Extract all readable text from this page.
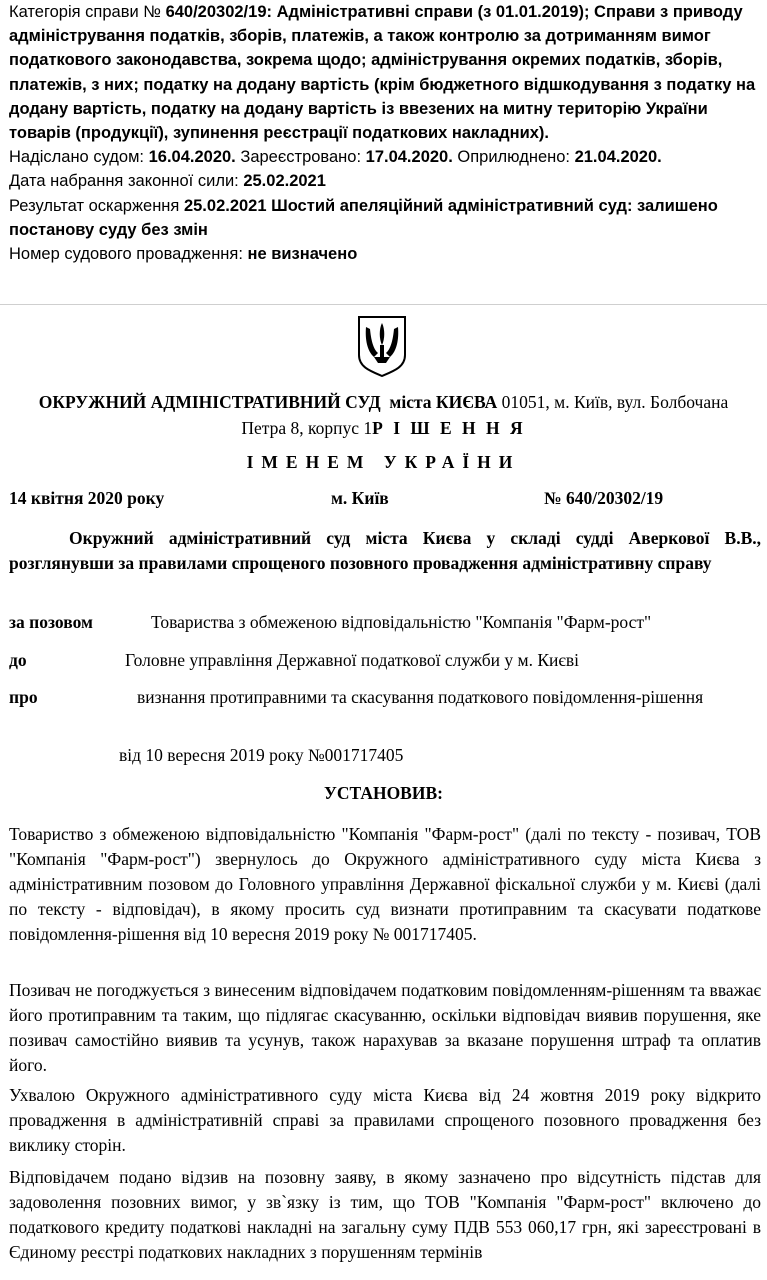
Категорія справи № 640/20302/19: Адміністративні справи (з 01.01.2019); Справи з приводу адміністрування податків, зборів, платежів, а також контролю за дотриманням вимог податкового законодавства, зокрема щодо; адміністрування окремих податків, зборів, платежів, з них; податку на додану вартість (крім бюджетного відшкодування з податку на додану вартість, податку на додану вартість із ввезених на митну територію України товарів (продукції), зупинення реєстрації податкових накладних).
Надіслано судом: 16.04.2020. Зареєстровано: 17.04.2020. Оприлюднено: 21.04.2020.
Дата набрання законної сили: 25.02.2021
Результат оскарження 25.02.2021 Шостий апеляційний адміністративний суд: залишено постанову суду без змін
Номер судового провадження: не визначено
ОКРУЖНИЙ АДМІНІСТРАТИВНИЙ СУД міста КИЄВА 01051, м. Київ, вул. Болбочана Петра 8, корпус 1Р І Ш Е Н Н Я
ІМЕНЕМ УКРАЇНИ
14 квітня 2020 року	м. Київ	№ 640/20302/19
Окружний адміністративний суд міста Києва у складі судді Аверкової В.В., розглянувши за правилами спрощеного позовного провадження адміністративну справу
за позовом	Товариства з обмеженою відповідальністю "Компанія "Фарм-рост"
до	Головне управління Державної податкової служби у м. Києві
про	визнання протиправними та скасування податкового повідомлення-рішення
від 10 вересня 2019 року №001717405
УСТАНОВИВ:

Товариство з обмеженою відповідальністю "Компанія "Фарм-рост" (далі по тексту - позивач, ТОВ "Компанія "Фарм-рост") звернулось до Окружного адміністративного суду міста Києва з адміністративним позовом до Головного управління Державної фіскальної служби у м. Києві (далі по тексту - відповідач), в якому просить суд визнати протиправним та скасувати податкове повідомлення-рішення від 10 вересня 2019 року № 001717405.

Позивач не погоджується з винесеним відповідачем податковим повідомленням-рішенням та вважає його протиправним та таким, що підлягає скасуванню, оскільки відповідач виявив порушення, яке позивач самостійно виявив та усунув, також нарахував за вказане порушення штраф та оплатив його.

Ухвалою Окружного адміністративного суду міста Києва від 24 жовтня 2019 року відкрито провадження в адміністративній справі за правилами спрощеного позовного провадження без виклику сторін.

Відповідачем подано відзив на позовну заяву, в якому зазначено про відсутність підстав для задоволення позовних вимог, у зв`язку із тим, що ТОВ "Компанія "Фарм-рост" включено до податкового кредиту податкові накладні на загальну суму ПДВ 553 060,17 грн, які зареєстровані в Єдиному реєстрі податкових накладних з порушенням термінів
